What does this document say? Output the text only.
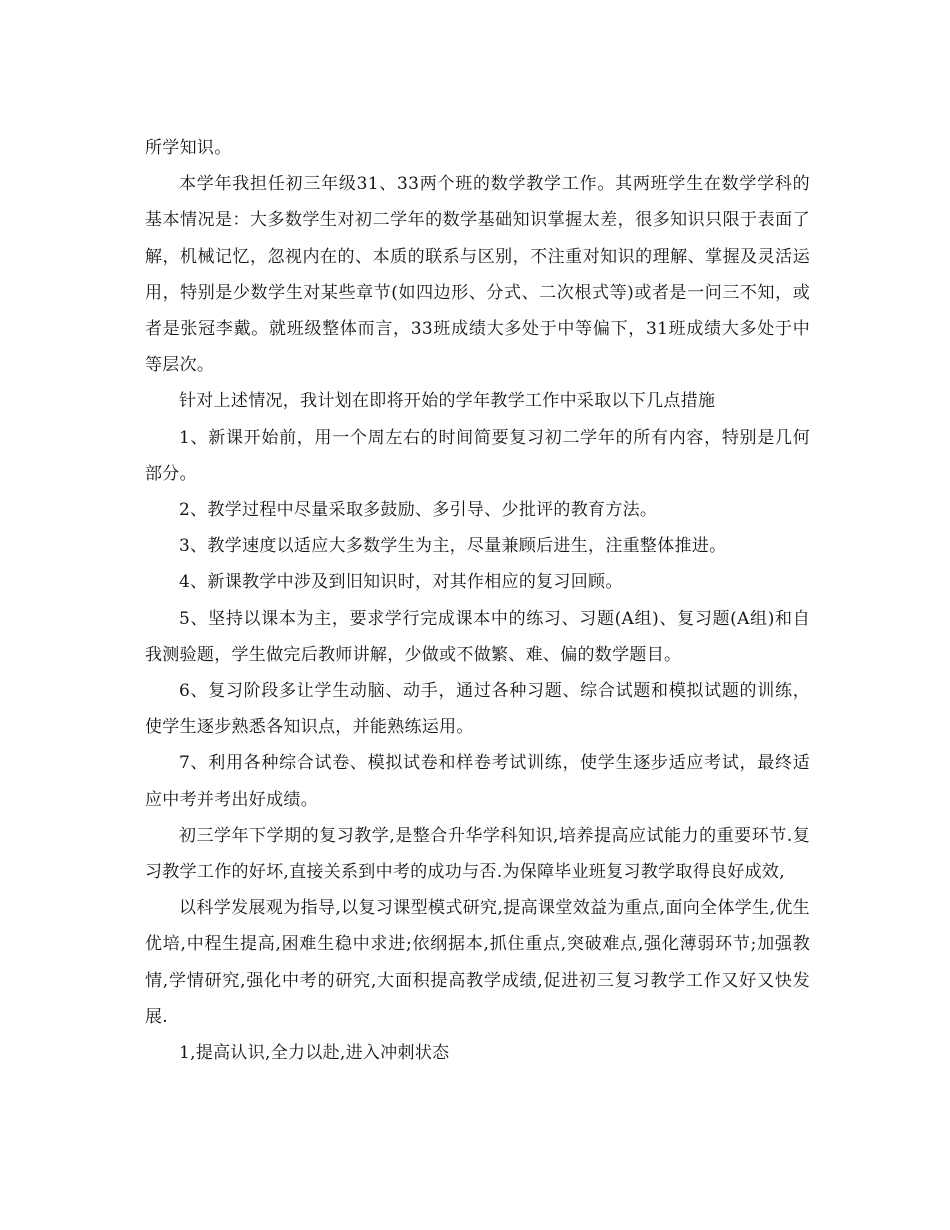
所学知识。

本学年我担任初三年级31、33两个班的数学教学工作。其两班学生在数学学科的基本情况是：大多数学生对初二学年的数学基础知识掌握太差，很多知识只限于表面了解，机械记忆，忽视内在的、本质的联系与区别，不注重对知识的理解、掌握及灵活运用，特别是少数学生对某些章节(如四边形、分式、二次根式等)或者是一问三不知，或者是张冠李戴。就班级整体而言，33班成绩大多处于中等偏下，31班成绩大多处于中等层次。

针对上述情况，我计划在即将开始的学年教学工作中采取以下几点措施

1、新课开始前，用一个周左右的时间简要复习初二学年的所有内容，特别是几何部分。

2、教学过程中尽量采取多鼓励、多引导、少批评的教育方法。

3、教学速度以适应大多数学生为主，尽量兼顾后进生，注重整体推进。

4、新课教学中涉及到旧知识时，对其作相应的复习回顾。

5、坚持以课本为主，要求学行完成课本中的练习、习题(A组)、复习题(A组)和自我测验题，学生做完后教师讲解，少做或不做繁、难、偏的数学题目。

6、复习阶段多让学生动脑、动手，通过各种习题、综合试题和模拟试题的训练，使学生逐步熟悉各知识点，并能熟练运用。

7、利用各种综合试卷、模拟试卷和样卷考试训练，使学生逐步适应考试，最终适应中考并考出好成绩。

初三学年下学期的复习教学,是整合升华学科知识,培养提高应试能力的重要环节.复习教学工作的好坏,直接关系到中考的成功与否.为保障毕业班复习教学取得良好成效,

以科学发展观为指导,以复习课型模式研究,提高课堂效益为重点,面向全体学生,优生优培,中程生提高,困难生稳中求进;依纲据本,抓住重点,突破难点,强化薄弱环节;加强教情,学情研究,强化中考的研究,大面积提高教学成绩,促进初三复习教学工作又好又快发展.

1,提高认识,全力以赴,进入冲刺状态
